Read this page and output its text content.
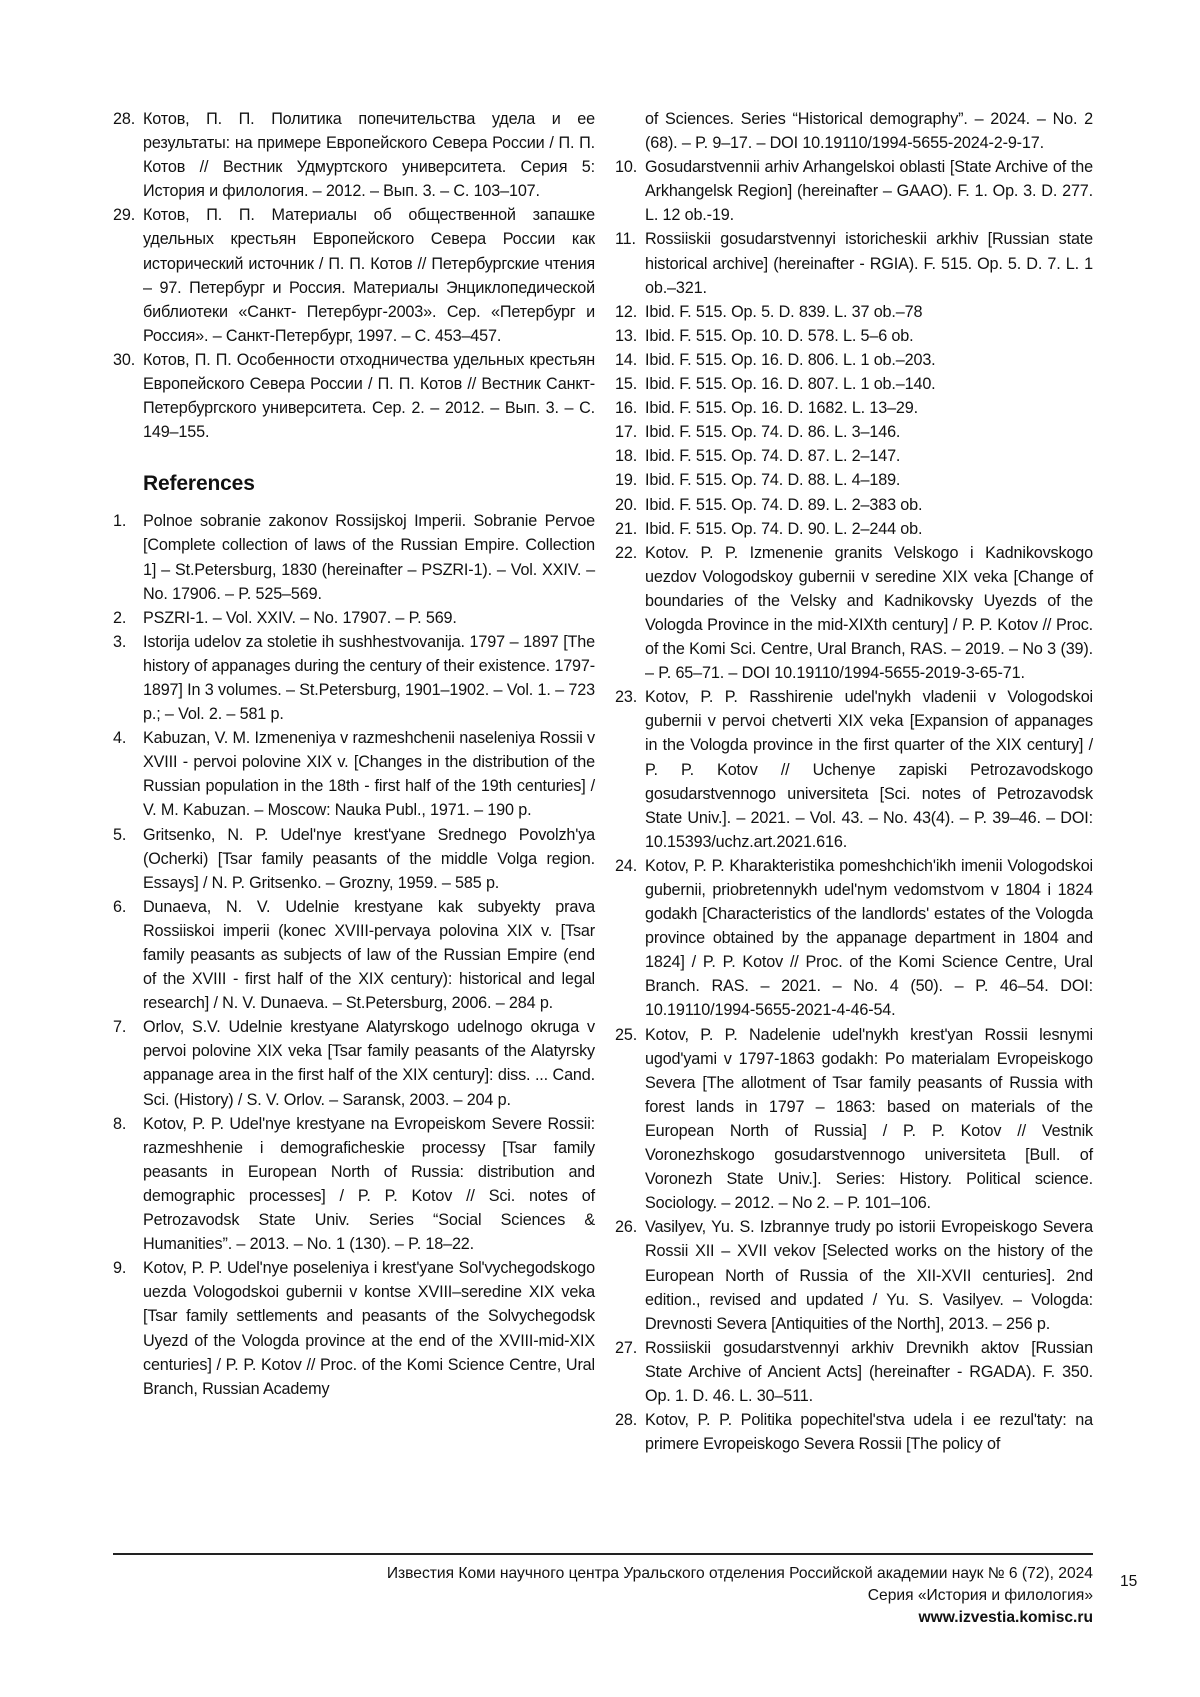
28. Котов, П. П. Политика попечительства удела и ее результаты: на примере Европейского Севера России / П. П. Котов // Вестник Удмуртского университета. Серия 5: История и филология. – 2012. – Вып. 3. – С. 103–107.
29. Котов, П. П. Материалы об общественной запашке удельных крестьян Европейского Севера России как исторический источник / П. П. Котов // Петербургские чтения – 97. Петербург и Россия. Материалы Энциклопедической библиотеки «Санкт- Петербург-2003». Сер. «Петербург и Россия». – Санкт-Петербург, 1997. – С. 453–457.
30. Котов, П. П. Особенности отходничества удельных крестьян Европейского Севера России / П. П. Котов // Вестник Санкт-Петербургского университета. Сер. 2. – 2012. – Вып. 3. – С. 149–155.
References
1. Polnoe sobranie zakonov Rossijskoj Imperii. Sobranie Pervoe [Complete collection of laws of the Russian Empire. Collection 1] – St.Petersburg, 1830 (hereinafter – PSZRI-1). – Vol. XXIV. – No. 17906. – P. 525–569.
2. PSZRI-1. – Vol. XXIV. – No. 17907. – P. 569.
3. Istorija udelov za stoletie ih sushhestvovanija. 1797 – 1897 [The history of appanages during the century of their existence. 1797-1897] In 3 volumes. – St.Petersburg, 1901–1902. – Vol. 1. – 723 p.; – Vol. 2. – 581 p.
4. Kabuzan, V. M. Izmeneniya v razmeshchenii naseleniya Rossii v XVIII - pervoi polovine XIX v. [Changes in the distribution of the Russian population in the 18th - first half of the 19th centuries] / V. M. Kabuzan. – Moscow: Nauka Publ., 1971. – 190 p.
5. Gritsenko, N. P. Udel'nye krest'yane Srednego Povolzh'ya (Ocherki) [Tsar family peasants of the middle Volga region. Essays] / N. P. Gritsenko. – Grozny, 1959. – 585 p.
6. Dunaeva, N. V. Udelnie krestyane kak subyekty prava Rossiiskoi imperii (konec XVIII-pervaya polovina XIX v. [Tsar family peasants as subjects of law of the Russian Empire (end of the XVIII - first half of the XIX century): historical and legal research] / N. V. Dunaeva. – St.Petersburg, 2006. – 284 p.
7. Orlov, S.V. Udelnie krestyane Alatyrskogo udelnogo okruga v pervoi polovine XIX veka [Tsar family peasants of the Alatyrsky appanage area in the first half of the XIX century]: diss. ... Cand. Sci. (History) / S. V. Orlov. – Saransk, 2003. – 204 p.
8. Kotov, P. P. Udel'nye krestyane na Evropeiskom Severe Rossii: razmeshhenie i demograficheskie processy [Tsar family peasants in European North of Russia: distribution and demographic processes] / P. P. Kotov // Sci. notes of Petrozavodsk State Univ. Series “Social Sciences & Humanities”. – 2013. – No. 1 (130). – P. 18–22.
9. Kotov, P. P. Udel'nye poseleniya i krest'yane Sol'vychegodskogo uezda Vologodskoi gubernii v kontse XVIII–seredine XIX veka [Tsar family settlements and peasants of the Solvychegodsk Uyezd of the Vologda province at the end of the XVIII-mid-XIX centuries] / P. P. Kotov // Proc. of the Komi Science Centre, Ural Branch, Russian Academy
of Sciences. Series “Historical demography”. – 2024. – No. 2 (68). – P. 9–17. – DOI 10.19110/1994-5655-2024-2-9-17.
10. Gosudarstvennii arhiv Arhangelskoi oblasti [State Archive of the Arkhangelsk Region] (hereinafter – GAAO). F. 1. Op. 3. D. 277. L. 12 ob.-19.
11. Rossiiskii gosudarstvennyi istoricheskii arkhiv [Russian state historical archive] (hereinafter - RGIA). F. 515. Op. 5. D. 7. L. 1 ob.–321.
12. Ibid. F. 515. Op. 5. D. 839. L. 37 ob.–78
13. Ibid. F. 515. Op. 10. D. 578. L. 5–6 ob.
14. Ibid. F. 515. Op. 16. D. 806. L. 1 ob.–203.
15. Ibid. F. 515. Op. 16. D. 807. L. 1 ob.–140.
16. Ibid. F. 515. Op. 16. D. 1682. L. 13–29.
17. Ibid. F. 515. Op. 74. D. 86. L. 3–146.
18. Ibid. F. 515. Op. 74. D. 87. L. 2–147.
19. Ibid. F. 515. Op. 74. D. 88. L. 4–189.
20. Ibid. F. 515. Op. 74. D. 89. L. 2–383 ob.
21. Ibid. F. 515. Op. 74. D. 90. L. 2–244 ob.
22. Kotov. P. P. Izmenenie granits Velskogo i Kadnikovskogo uezdov Vologodskoy gubernii v seredine XIX veka [Change of boundaries of the Velsky and Kadnikovsky Uyezds of the Vologda Province in the mid-XIXth century] / P. P. Kotov // Proc. of the Komi Sci. Centre, Ural Branch, RAS. – 2019. – No 3 (39). – P. 65–71. – DOI 10.19110/1994-5655-2019-3-65-71.
23. Kotov, P. P. Rasshirenie udel'nykh vladenii v Vologodskoi gubernii v pervoi chetverti XIX veka [Expansion of appanages in the Vologda province in the first quarter of the XIX century] / P. P. Kotov // Uchenye zapiski Petrozavodskogo gosudarstvennogo universiteta [Sci. notes of Petrozavodsk State Univ.]. – 2021. – Vol. 43. – No. 43(4). – P. 39–46. – DOI: 10.15393/uchz.art.2021.616.
24. Kotov, P. P. Kharakteristika pomeshchich'ikh imenii Vologodskoi gubernii, priobretennykh udel'nym vedomstvom v 1804 i 1824 godakh [Characteristics of the landlords' estates of the Vologda province obtained by the appanage department in 1804 and 1824] / P. P. Kotov // Proc. of the Komi Science Centre, Ural Branch. RAS. – 2021. – No. 4 (50). – P. 46–54. DOI: 10.19110/1994-5655-2021-4-46-54.
25. Kotov, P. P. Nadelenie udel'nykh krest'yan Rossii lesnymi ugod'yami v 1797-1863 godakh: Po materialam Evropeiskogo Severa [The allotment of Tsar family peasants of Russia with forest lands in 1797 – 1863: based on materials of the European North of Russia] / P. P. Kotov // Vestnik Voronezhskogo gosudarstvennogo universiteta [Bull. of Voronezh State Univ.]. Series: History. Political science. Sociology. – 2012. – No 2. – P. 101–106.
26. Vasilyev, Yu. S. Izbrannye trudy po istorii Evropeiskogo Severa Rossii XII – XVII vekov [Selected works on the history of the European North of Russia of the XII-XVII centuries]. 2nd edition., revised and updated / Yu. S. Vasilyev. – Vologda: Drevnosti Severa [Antiquities of the North], 2013. – 256 p.
27. Rossiiskii gosudarstvennyi arkhiv Drevnikh aktov [Russian State Archive of Ancient Acts] (hereinafter - RGADA). F. 350. Op. 1. D. 46. L. 30–511.
28. Kotov, P. P. Politika popechitel'stva udela i ee rezul'taty: na primere Evropeiskogo Severa Rossii [The policy of
Известия Коми научного центра Уральского отделения Российской академии наук № 6 (72), 2024
Серия «История и филология»
www.izvestia.komisc.ru
15
